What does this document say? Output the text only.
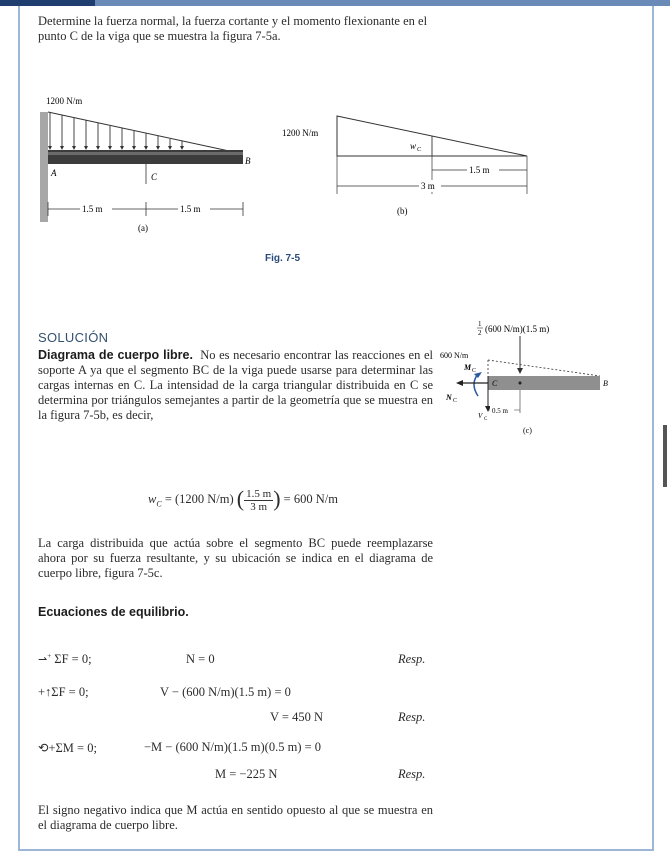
Determine la fuerza normal, la fuerza cortante y el momento flexionante en el punto C de la viga que se muestra la figura 7-5a.
1200 N/m
A
B
C
1.5 m	1.5 m
(a)
1200 N/m
w C
1.5 m
3 m
(b)
Fig. 7-5
1
2 (600 N/m)(1.5 m)
600 N/m
C	B
M C
N C
V C
0.5 m
(c)
SOLUCIÓN
Diagrama de cuerpo libre. No es necesario encontrar las reacciones en el soporte A ya que el segmento BC de la viga puede usarse para determinar las cargas internas en C. La intensidad de la carga triangular distribuida en C se determina por triángulos semejantes a partir de la geometría que se muestra en la figura 7-5b, es decir,
$w_C = (1200$ N/m) ( $\frac{1.5 m}{3 m}$ ) = 600 N/m
La carga distribuida que actúa sobre el segmento BC puede reemplazarse ahora por su fuerza resultante, y su ubicación se indica en el diagrama de cuerpo libre, figura 7-5c.
Ecuaciones de equilibrio.
⇀+ ΣF = 0;	N = 0	Resp.
+↑ΣF = 0;	V − (600 N/m)(1.5 m) = 0
V = 450 N	Resp.
⟲+ΣM = 0;	−M − (600 N/m)(1.5 m)(0.5 m) = 0
M = −225 N	Resp.
El signo negativo indica que M actúa en sentido opuesto al que se muestra en el diagrama de cuerpo libre.
